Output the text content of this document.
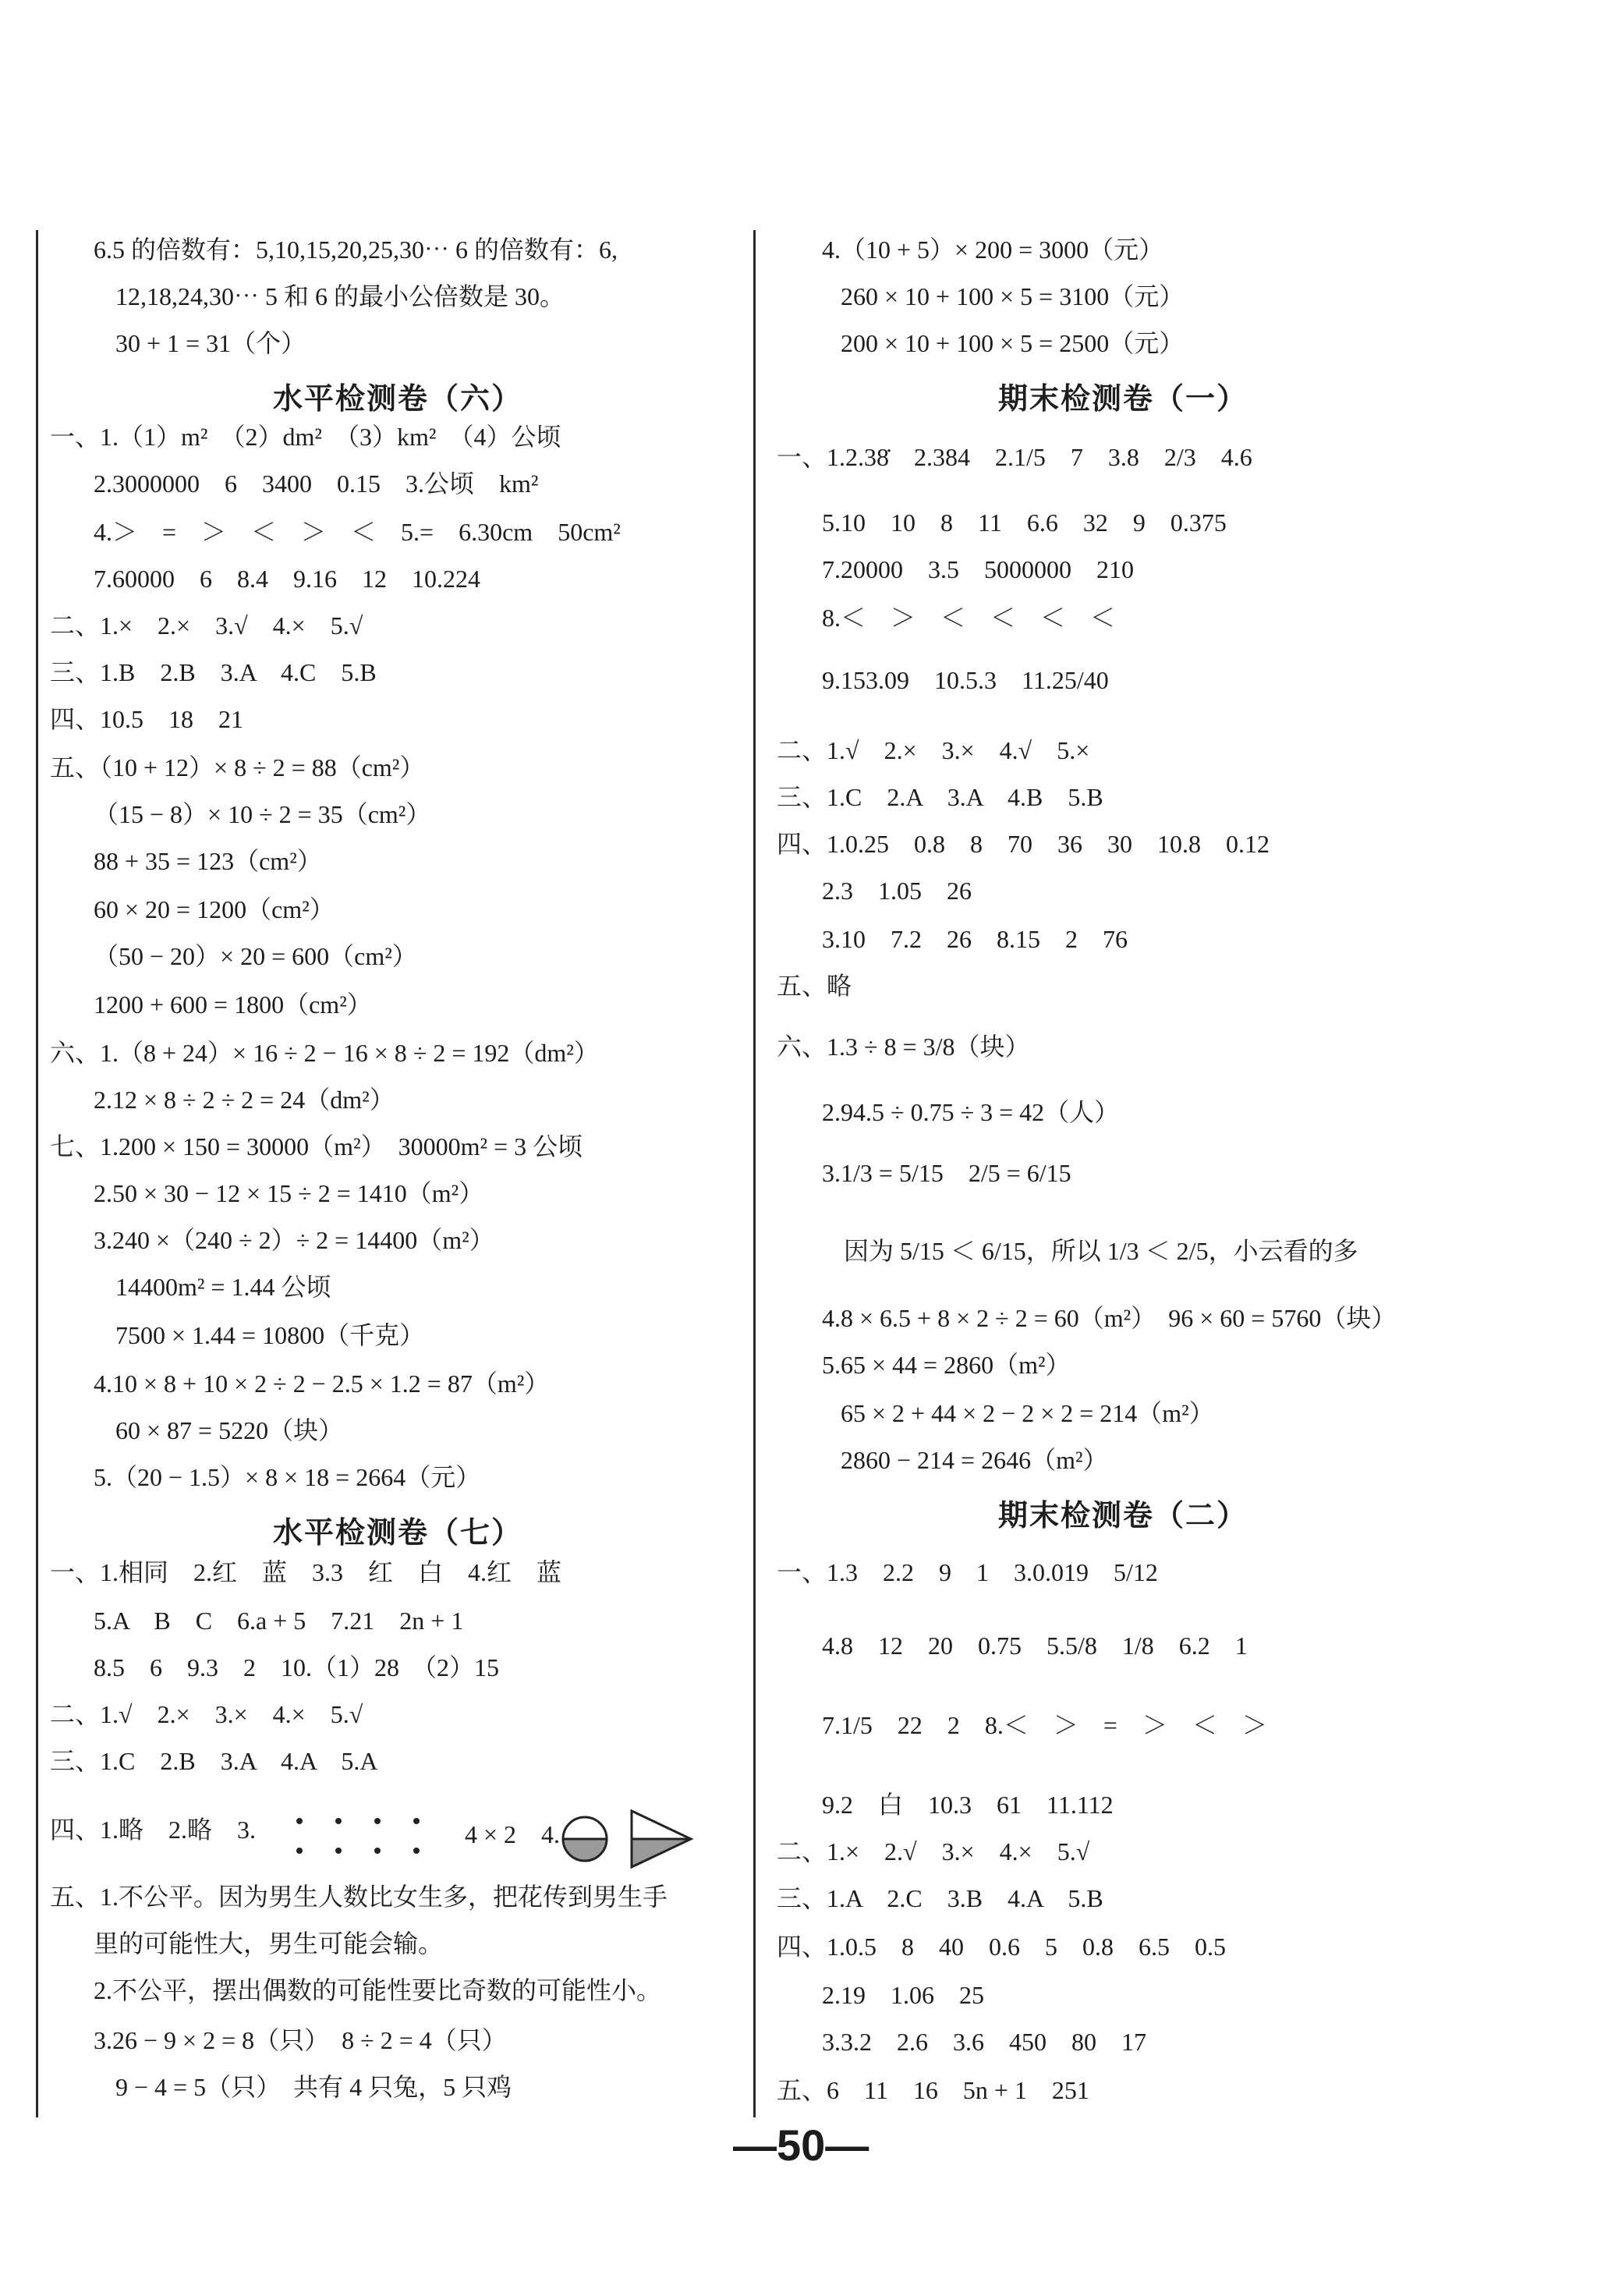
6.5 的倍数有：5,10,15,20,25,30⋯ 6 的倍数有：6,
12,18,24,30⋯ 5 和 6 的最小公倍数是 30。
30 + 1 = 31（个）
水平检测卷（六）
一、1.（1）m²　（2）dm²　（3）km²　（4）公顷
2.3000000　6　3400　0.15　3.公顷　km²
4.＞　=　＞　＜　＞　＜　5.=　6.30cm　50cm²
7.60000　6　8.4　9.16　12　10.224
二、1.×　2.×　3.√　4.×　5.√
三、1.B　2.B　3.A　4.C　5.B
四、10.5　18　21
五、（10 + 12）× 8 ÷ 2 = 88（cm²）
（15 − 8）× 10 ÷ 2 = 35（cm²）
88 + 35 = 123（cm²）
60 × 20 = 1200（cm²）
（50 − 20）× 20 = 600（cm²）
1200 + 600 = 1800（cm²）
六、1.（8 + 24）× 16 ÷ 2 − 16 × 8 ÷ 2 = 192（dm²）
2.12 × 8 ÷ 2 ÷ 2 = 24（dm²）
七、1.200 × 150 = 30000（m²）　30000m² = 3 公顷
2.50 × 30 − 12 × 15 ÷ 2 = 1410（m²）
3.240 ×（240 ÷ 2）÷ 2 = 14400（m²）
14400m² = 1.44 公顷
7500 × 1.44 = 10800（千克）
4.10 × 8 + 10 × 2 ÷ 2 − 2.5 × 1.2 = 87（m²）
60 × 87 = 5220（块）
5.（20 − 1.5）× 8 × 18 = 2664（元）
水平检测卷（七）
一、1.相同　2.红　蓝　3.3　红　白　4.红　蓝
5.A　B　C　6.a + 5　7.21　2n + 1
8.5　6　9.3　2　10.（1）28　（2）15
二、1.√　2.×　3.×　4.×　5.√
三、1.C　2.B　3.A　4.A　5.A
四、1.略　2.略　3.	4 × 2　4.
五、1.不公平。因为男生人数比女生多，把花传到男生手
里的可能性大，男生可能会输。
2.不公平，摆出偶数的可能性要比奇数的可能性小。
3.26 − 9 × 2 = 8（只）　8 ÷ 2 = 4（只）
9 − 4 = 5（只）　共有 4 只兔，5 只鸡
4.（10 + 5）× 200 = 3000（元）
260 × 10 + 100 × 5 = 3100（元）
200 × 10 + 100 × 5 = 2500（元）
期末检测卷（一）
一、1.2.38̇　2.384　2.1/5　7　3.8　2/3　4.6
5.10　10　8　11　6.6　32　9　0.375
7.20000　3.5　5000000　210
8.＜　＞　＜　＜　＜　＜
9.153.09　10.5.3　11.25/40
二、1.√　2.×　3.×　4.√　5.×
三、1.C　2.A　3.A　4.B　5.B
四、1.0.25　0.8　8　70　36　30　10.8　0.12
2.3　1.05　26
3.10　7.2　26　8.15　2　76
五、略
六、1.3 ÷ 8 = 3/8（块）
2.94.5 ÷ 0.75 ÷ 3 = 42（人）
3.1/3 = 5/15　2/5 = 6/15
因为 5/15 ＜ 6/15，所以 1/3 ＜ 2/5，小云看的多
4.8 × 6.5 + 8 × 2 ÷ 2 = 60（m²）　96 × 60 = 5760（块）
5.65 × 44 = 2860（m²）
65 × 2 + 44 × 2 − 2 × 2 = 214（m²）
2860 − 214 = 2646（m²）
期末检测卷（二）
一、1.3　2.2　9　1　3.0.019　5/12
4.8　12　20　0.75　5.5/8　1/8　6.2　1
7.1/5　22　2　8.＜　＞　=　＞　＜　＞
9.2　白　10.3　61　11.112
二、1.×　2.√　3.×　4.×　5.√
三、1.A　2.C　3.B　4.A　5.B
四、1.0.5　8　40　0.6　5　0.8　6.5　0.5
2.19　1.06　25
3.3.2　2.6　3.6　450　80　17
五、6　11　16　5n + 1　251
—50—
